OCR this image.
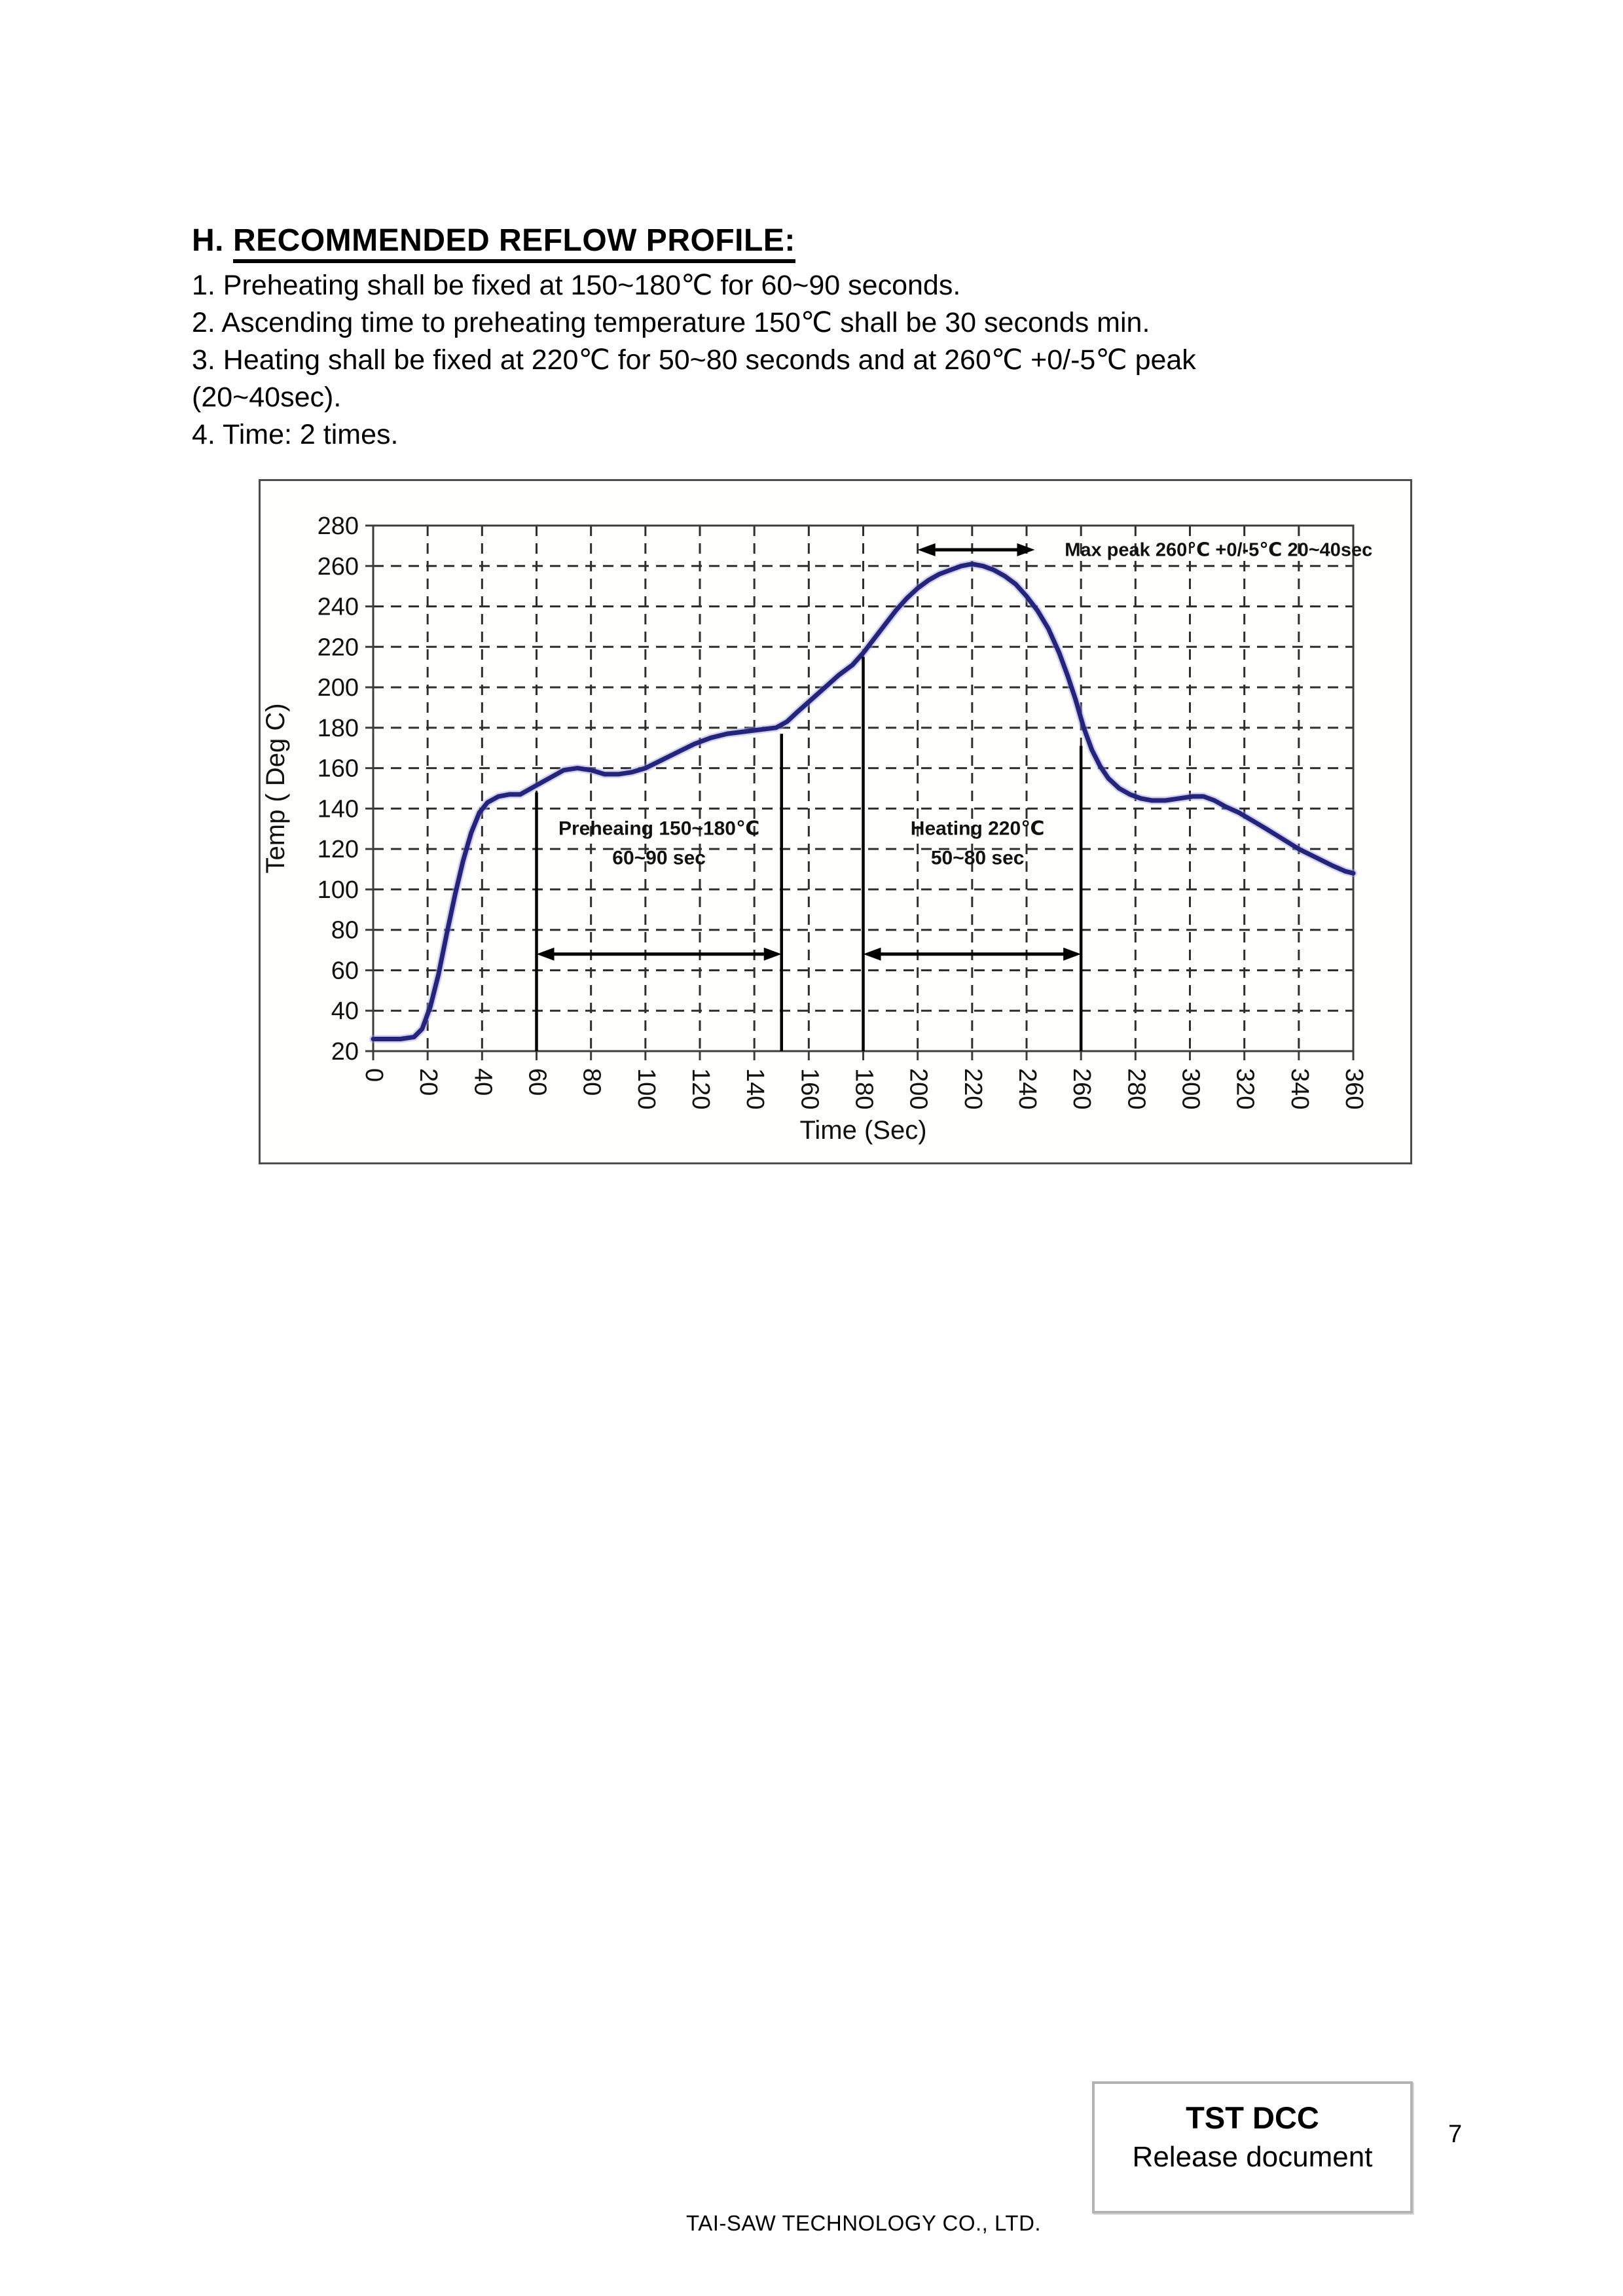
H. RECOMMENDED REFLOW PROFILE:
1. Preheating shall be fixed at 150~180℃ for 60~90 seconds.
2. Ascending time to preheating temperature 150℃ shall be 30 seconds min.
3. Heating shall be fixed at 220℃ for 50~80 seconds and at 260℃ +0/-5℃ peak
(20~40sec).
4. Time: 2 times.
0 20 40 60 80 100 120 140 160 180 200 220 240 260 280 300 320 340 360
20
40
60
80
100
120
140
160
180
200
220
240
260
280
Time (Sec)
Temp ( Deg C)	Preheaing 150~180℃
60~90 sec
Heating 220℃
50~80 sec
Max peak 260℃ +0/-5℃ 20~40sec
TAI-SAW TECHNOLOGY CO., LTD.
TST DCC
Release document
7
